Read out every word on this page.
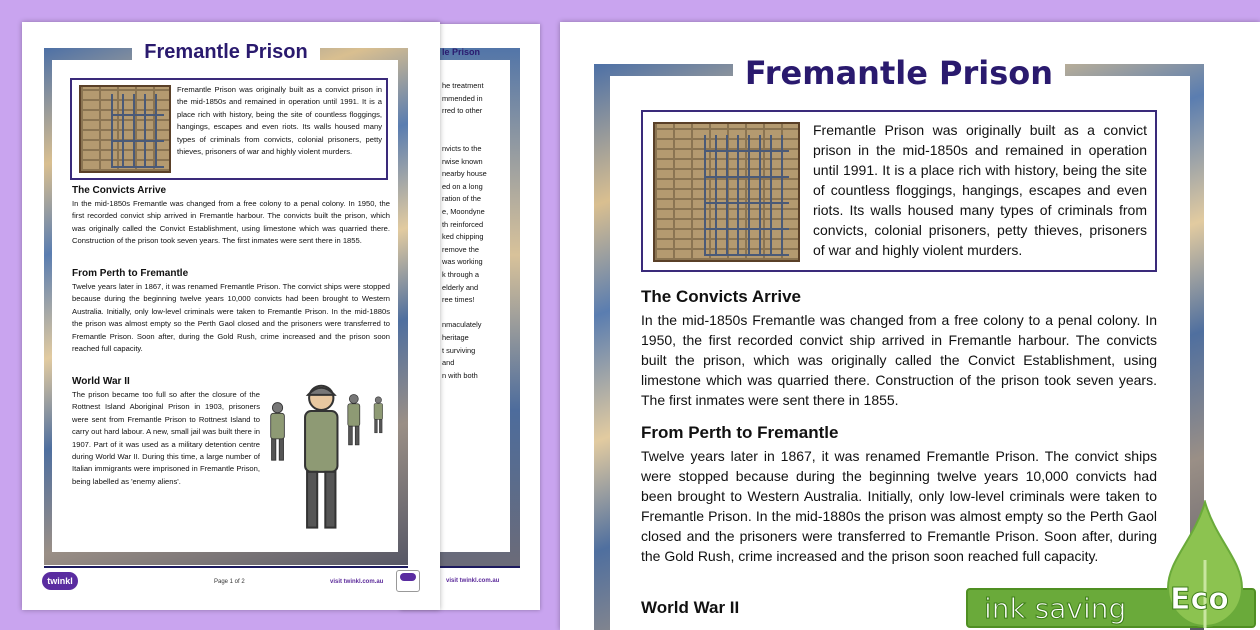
le Prison
he treatment
mmended in
rred to other
nvicts to the
rwise known
nearby house
ed on a long
ration of the
e, Moondyne
th reinforced
ked chipping
remove the
was working
k through a
elderly and
ree times!
nmaculately
heritage
t surviving
and
n with both
visit twinkl.com.au
Fremantle Prison
Fremantle Prison was originally built as a convict prison in the mid-1850s and remained in operation until 1991. It is a place rich with history, being the site of countless floggings, hangings, escapes and even riots. Its walls housed many types of criminals from convicts, colonial prisoners, petty thieves, prisoners of war and highly violent murders.
The Convicts Arrive
In the mid-1850s Fremantle was changed from a free colony to a penal colony. In 1950, the first recorded convict ship arrived in Fremantle harbour. The convicts built the prison, which was originally called the Convict Establishment, using limestone which was quarried there. Construction of the prison took seven years. The first inmates were sent there in 1855.
From Perth to Fremantle
Twelve years later in 1867, it was renamed Fremantle Prison. The convict ships were stopped because during the beginning twelve years 10,000 convicts had been brought to Western Australia. Initially, only low-level criminals were taken to Fremantle Prison. In the mid-1880s the prison was almost empty so the Perth Gaol closed and the prisoners were transferred to Fremantle Prison. Soon after, during the Gold Rush, crime increased and the prison soon reached full capacity.
World War II
The prison became too full so after the closure of the Rottnest Island Aboriginal Prison in 1903, prisoners were sent from Fremantle Prison to Rottnest Island to carry out hard labour. A new, small jail was built there in 1907. Part of it was used as a military detention centre during World War II. During this time, a large number of Italian immigrants were imprisoned in Fremantle Prison, being labelled as 'enemy aliens'.
twinkl	Page 1 of 2	visit twinkl.com.au
Fremantle Prison
Fremantle Prison was originally built as a convict prison in the mid-1850s and remained in operation until 1991. It is a place rich with history, being the site of countless floggings, hangings, escapes and even riots. Its walls housed many types of criminals from convicts, colonial prisoners, petty thieves, prisoners of war and highly violent murders.
The Convicts Arrive
In the mid-1850s Fremantle was changed from a free colony to a penal colony. In 1950, the first recorded convict ship arrived in Fremantle harbour. The convicts built the prison, which was originally called the Convict Establishment, using limestone which was quarried there. Construction of the prison took seven years. The first inmates were sent there in 1855.
From Perth to Fremantle
Twelve years later in 1867, it was renamed Fremantle Prison. The convict ships were stopped because during the beginning twelve years 10,000 convicts had been brought to Western Australia. Initially, only low-level criminals were taken to Fremantle Prison. In the mid-1880s the prison was almost empty so the Perth Gaol closed and the prisoners were transferred to Fremantle Prison. Soon after, during the Gold Rush, crime increased and the prison soon reached full capacity.
World War II	ink saving Eco
